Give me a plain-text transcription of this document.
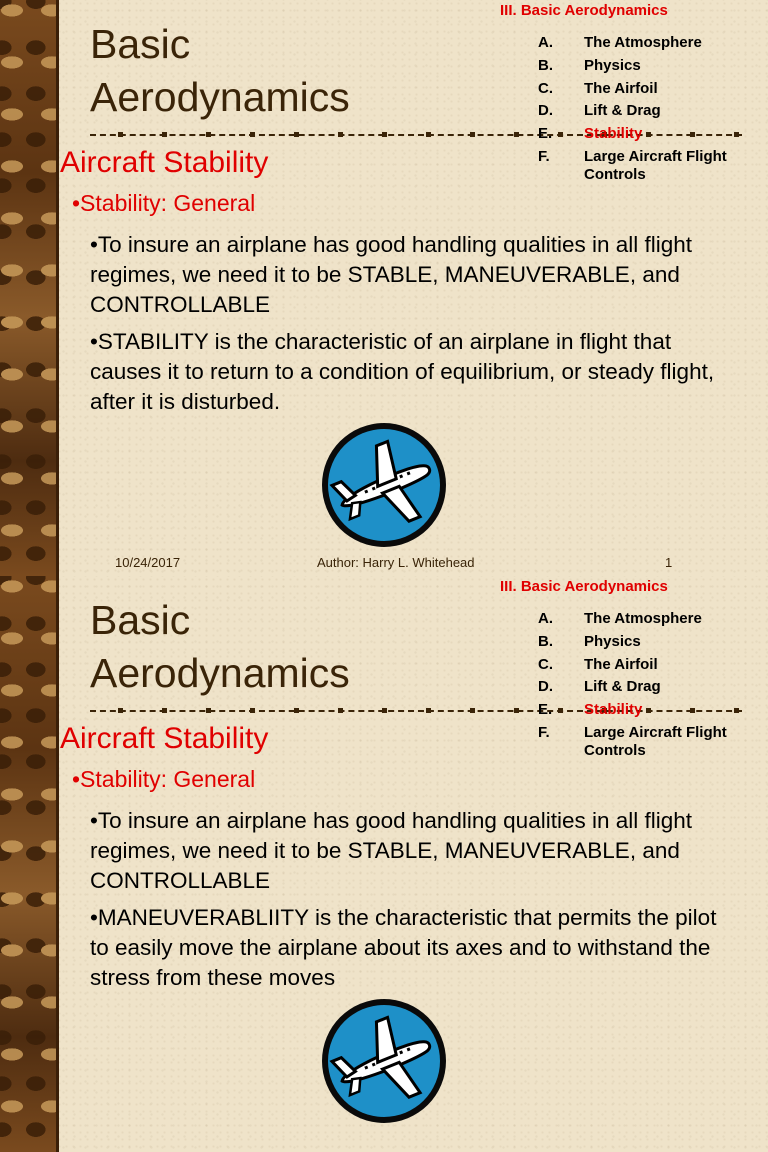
Basic
Aerodynamics
III. Basic Aerodynamics
A.	The Atmosphere
B.	Physics
C.	The Airfoil
D.	Lift & Drag
E.	Stability
F.	Large Aircraft Flight Controls
Aircraft Stability
•Stability: General
•To insure an airplane has good handling qualities in all flight regimes, we need it to be STABLE, MANEUVERABLE, and CONTROLLABLE
•STABILITY is the characteristic of an airplane in flight that causes it to return to a condition of equilibrium, or steady flight, after it is disturbed.
10/24/2017	Author: Harry L. Whitehead	1
Basic
Aerodynamics
III. Basic Aerodynamics
A.	The Atmosphere
B.	Physics
C.	The Airfoil
D.	Lift & Drag
E.	Stability
F.	Large Aircraft Flight Controls
Aircraft Stability
•Stability: General
•To insure an airplane has good handling qualities in all flight regimes, we need it to be STABLE, MANEUVERABLE, and CONTROLLABLE
•MANEUVERABLIITY is the characteristic that permits the pilot to easily move the airplane about its axes and to withstand the stress from these moves
